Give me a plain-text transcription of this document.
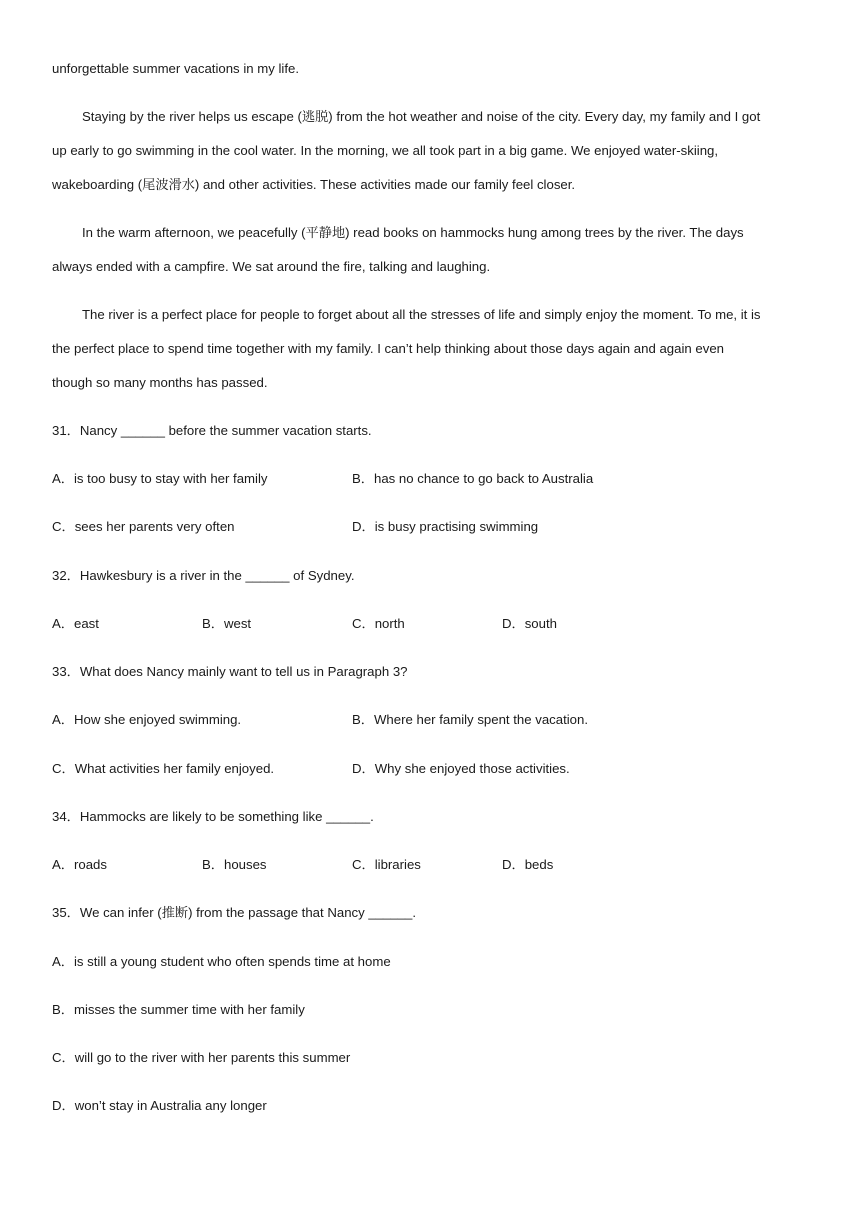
unforgettable summer vacations in my life.
Staying by the river helps us escape (逃脱) from the hot weather and noise of the city. Every day, my family and I got
up early to go swimming in the cool water. In the morning, we all took part in a big game. We enjoyed water-skiing,
wakeboarding (尾波滑水) and other activities. These activities made our family feel closer.
In the warm afternoon, we peacefully (平静地) read books on hammocks hung among trees by the river. The days
always ended with a campfire. We sat around the fire, talking and laughing.
The river is a perfect place for people to forget about all the stresses of life and simply enjoy the moment. To me, it is
the perfect place to spend time together with my family. I can’t help thinking about those days again and again even
though so many months has passed.
31．Nancy ______ before the summer vacation starts.
A．is too busy to stay with her family	B．has no chance to go back to Australia
C．sees her parents very often	D．is busy practising swimming
32．Hawkesbury is a river in the ______ of Sydney.
A．east	B．west	C．north	D．south
33．What does Nancy mainly want to tell us in Paragraph 3?
A．How she enjoyed swimming.	B．Where her family spent the vacation.
C．What activities her family enjoyed.	D．Why she enjoyed those activities.
34．Hammocks are likely to be something like ______.
A．roads	B．houses	C．libraries	D．beds
35．We can infer (推断) from the passage that Nancy ______.
A．is still a young student who often spends time at home
B．misses the summer time with her family
C．will go to the river with her parents this summer
D．won’t stay in Australia any longer
